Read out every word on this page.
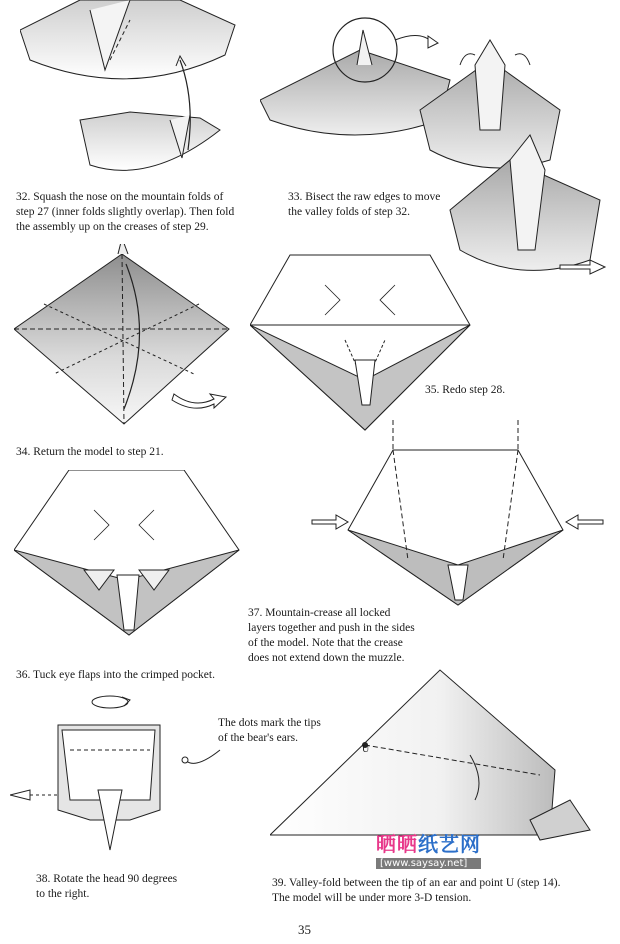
32. Squash the nose on the mountain folds of
step 27 (inner folds slightly overlap). Then fold
the assembly up on the creases of step 29.
33. Bisect the raw edges to move
the valley folds of step 32.
34. Return the model to step 21.
35. Redo step 28.
36. Tuck eye flaps into the crimped pocket.
37. Mountain-crease all locked
layers together and push in the sides
of the model. Note that the crease
does not extend down the muzzle.
38. Rotate the head 90 degrees
to the right.
39. Valley-fold between the tip of an ear and point U (step 14).
The model will be under more 3-D tension.
The dots mark the tips
of the bear's ears.
U
35
晒晒纸艺网
[www.saysay.net]
